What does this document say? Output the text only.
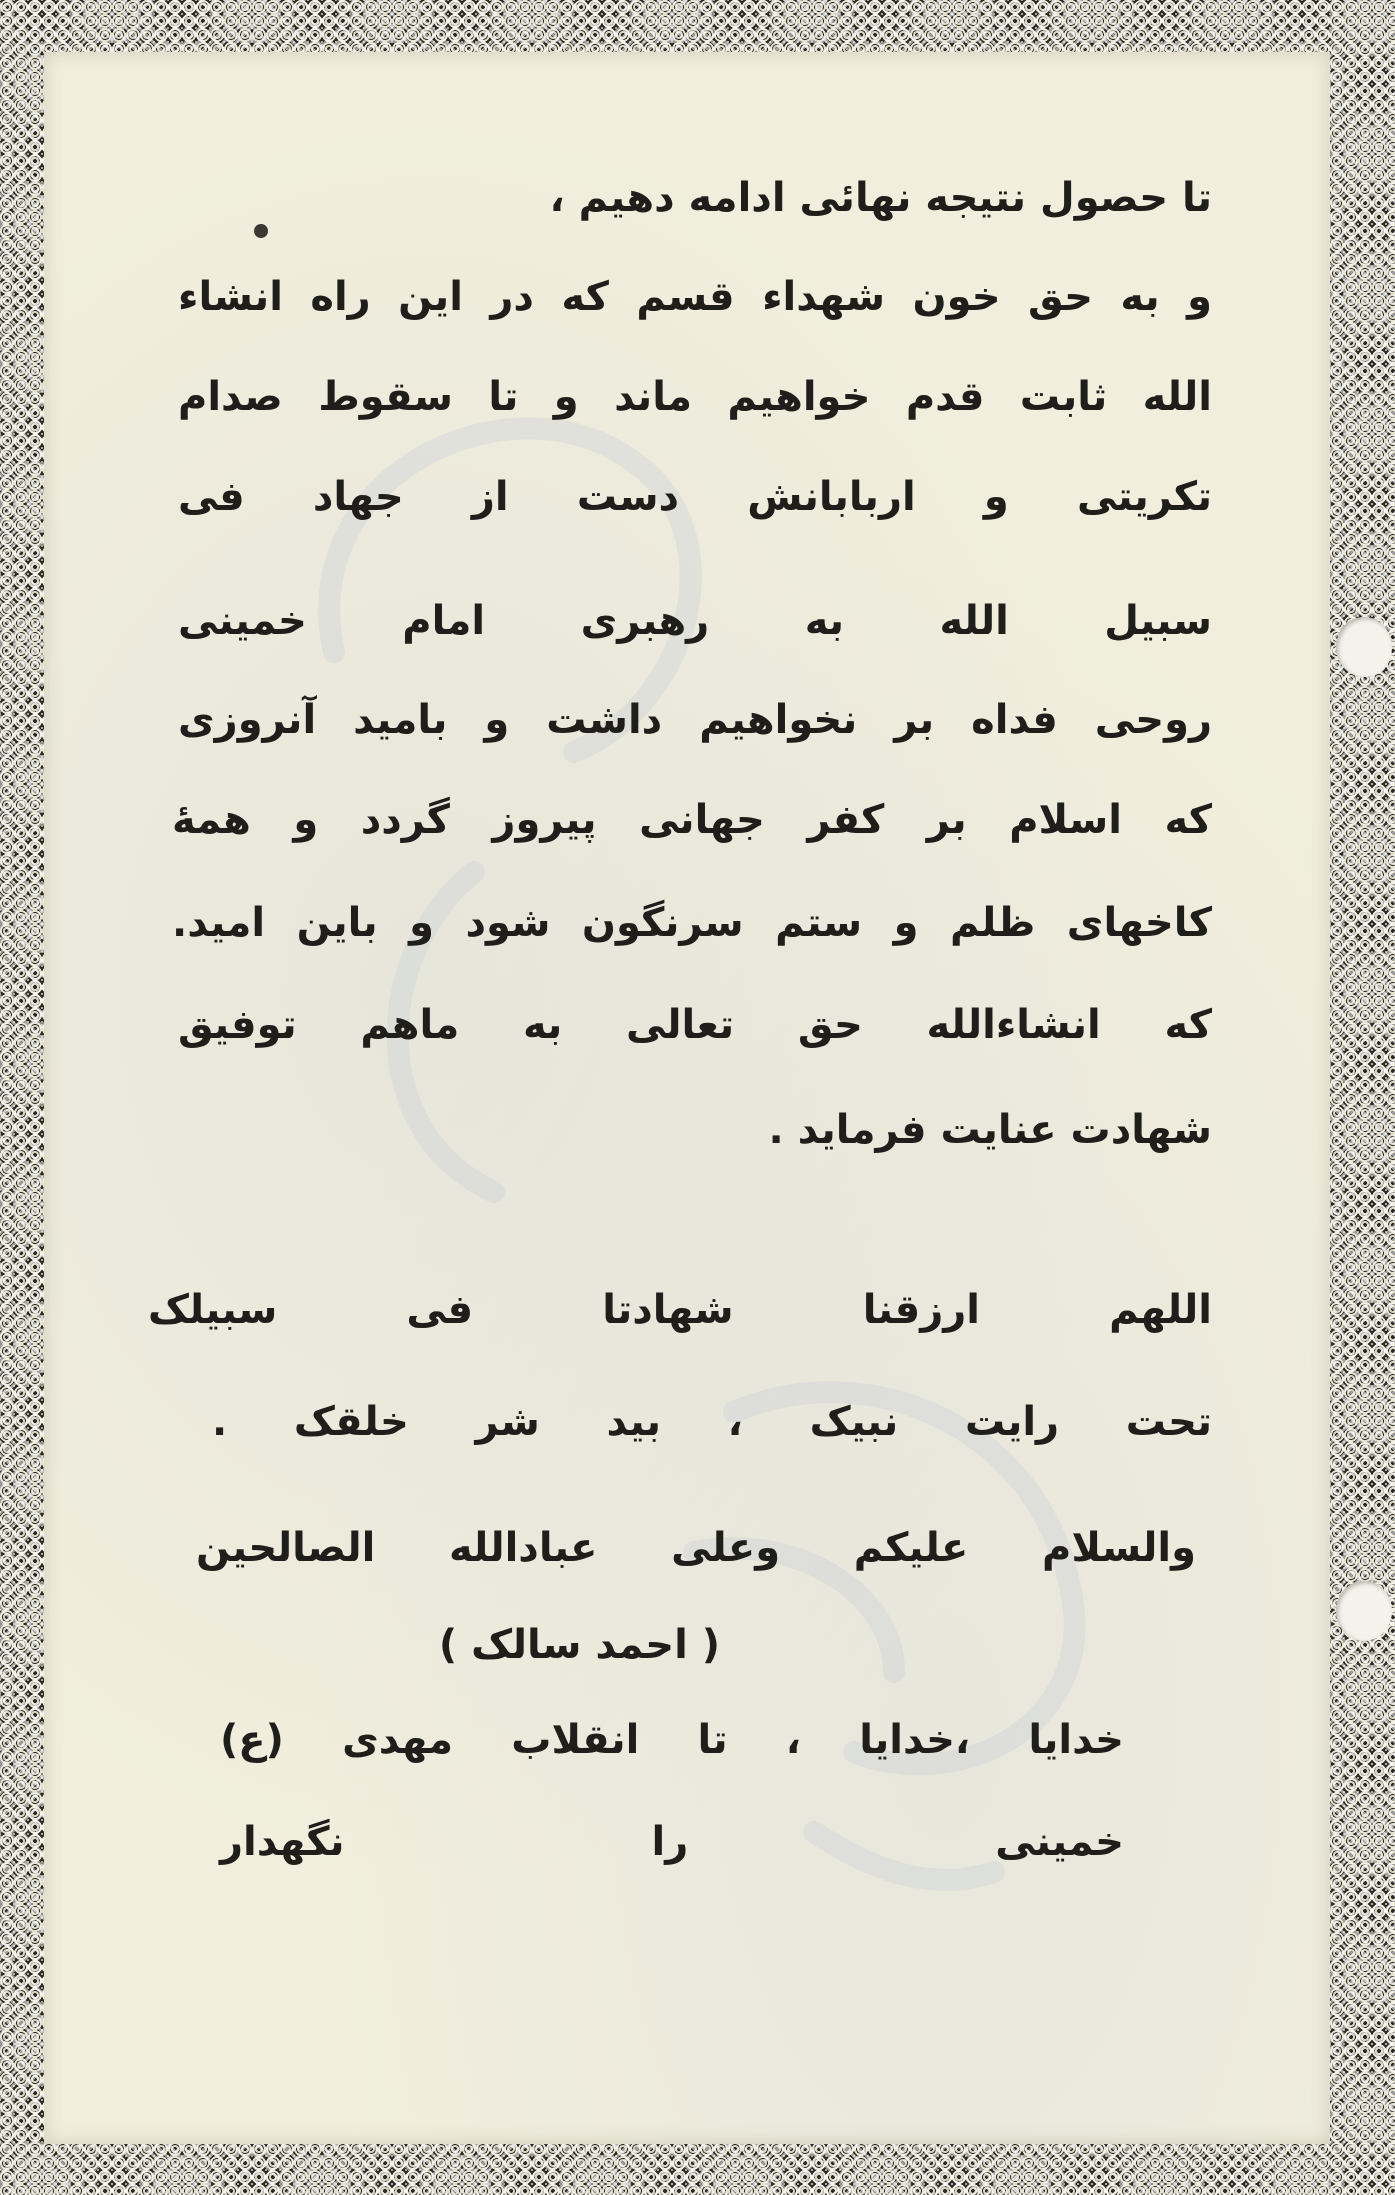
تا حصول نتیجه نهائی ادامه دهیم ،

و به حق خون شهداء قسم که در این راه انشاء

الله ثابت قدم خواهیم ماند و تا سقوط صدام

تکریتی و اربابانش دست از جهاد فی

سبیل الله به رهبری امام خمینی

روحی فداه بر نخواهیم داشت و بامید آنروزی

که اسلام بر کفر جهانی پیروز گردد و همهٔ

کاخهای ظلم و ستم سرنگون شود و باین امید.

که انشاءالله حق تعالی به ماهم توفیق

شهادت عنایت فرماید .

اللهم ارزقنا شهادتا فی سبیلک

تحت رایت نبیک ، بید شر خلقک .

والسلام علیکم وعلی عبادالله الصالحین

( احمد سالک )

خدایا ،خدایا ، تا انقلاب مهدی (ع)

خمینی را نگهدار
